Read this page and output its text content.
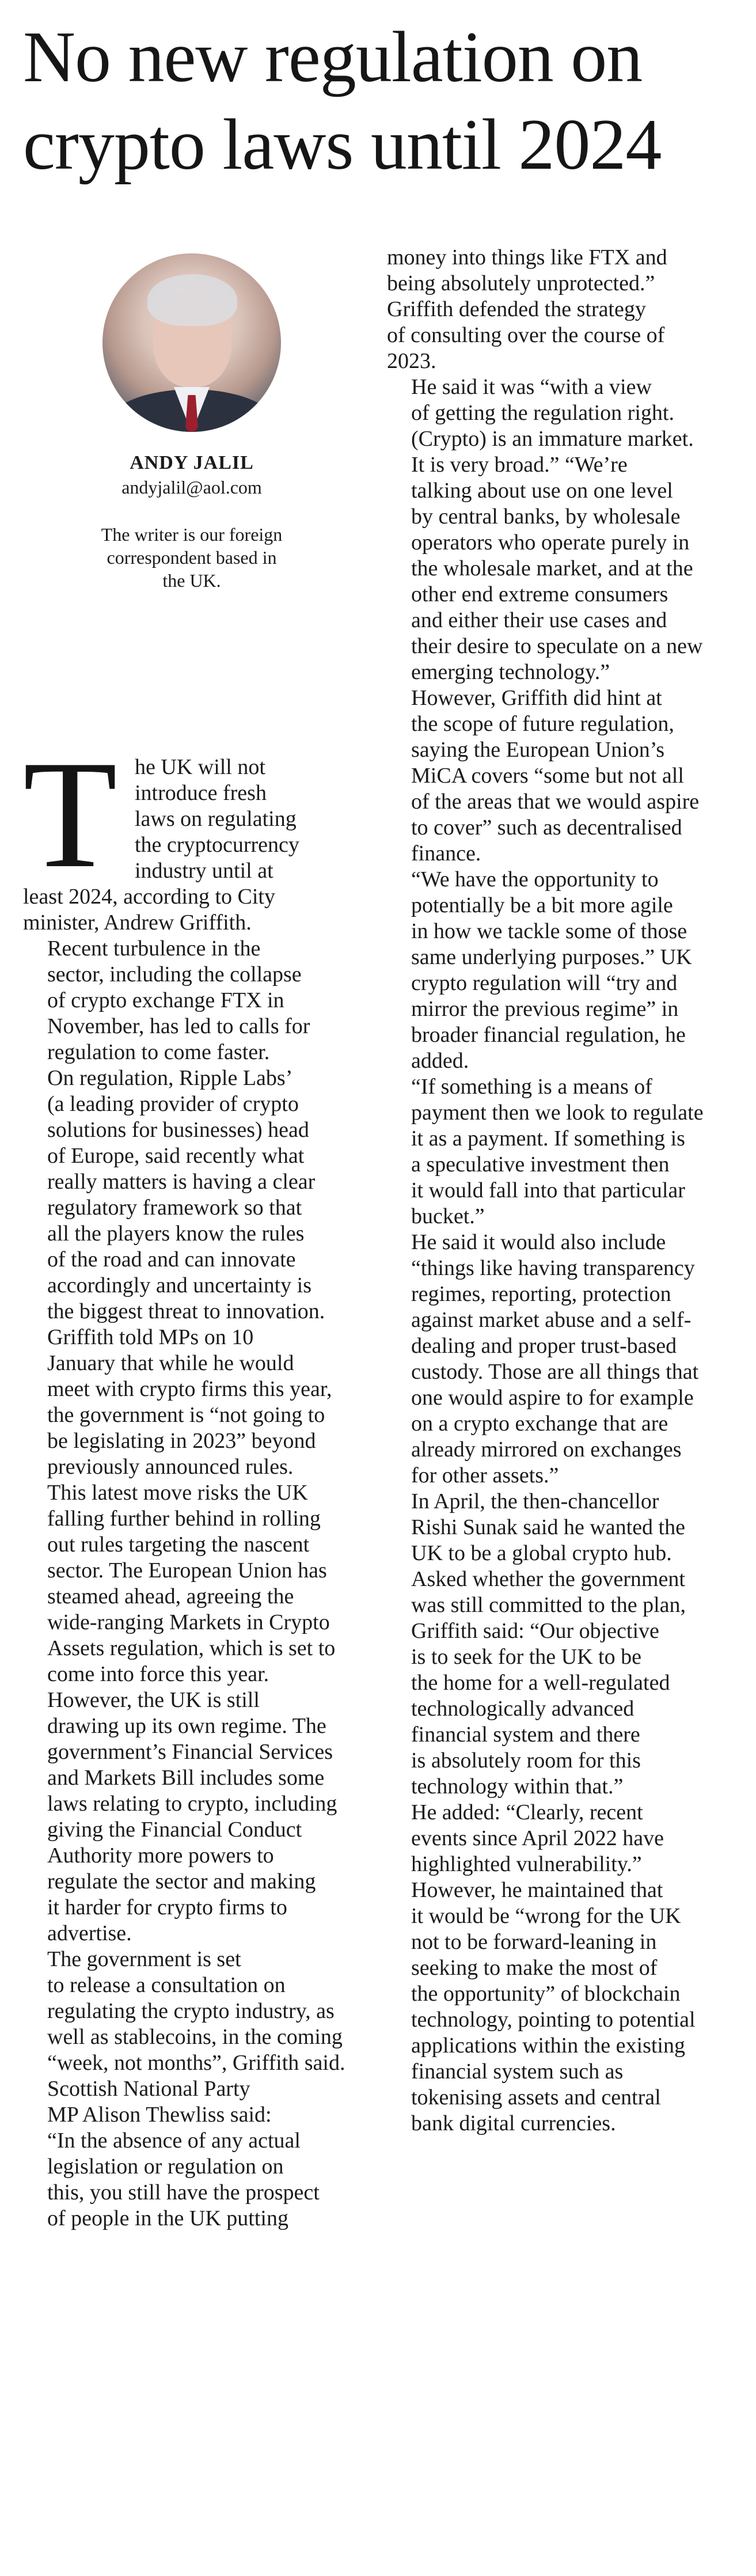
No new regulation on
crypto laws until 2024
ANDY JALIL
andyjalil@aol.com
The writer is our foreign
correspondent based in
the UK.
T he UK will not
introduce fresh
laws on regulating
the cryptocurrency
industry until at
least 2024, according to City
minister, Andrew Griffith.

Recent turbulence in the
sector, including the collapse
of crypto exchange FTX in
November, has led to calls for
regulation to come faster.

On regulation, Ripple Labs’
(a leading provider of crypto
solutions for businesses) head
of Europe, said recently what
really matters is having a clear
regulatory framework so that
all the players know the rules
of the road and can innovate
accordingly and uncertainty is
the biggest threat to innovation.

Griffith told MPs on 10
January that while he would
meet with crypto firms this year,
the government is “not going to
be legislating in 2023” beyond
previously announced rules.

This latest move risks the UK
falling further behind in rolling
out rules targeting the nascent
sector. The European Union has
steamed ahead, agreeing the
wide-ranging Markets in Crypto
Assets regulation, which is set to
come into force this year.

However, the UK is still
drawing up its own regime. The
government’s Financial Services
and Markets Bill includes some
laws relating to crypto, including
giving the Financial Conduct
Authority more powers to
regulate the sector and making
it harder for crypto firms to
advertise.

The government is set
to release a consultation on
regulating the crypto industry, as
well as stablecoins, in the coming
“week, not months”, Griffith said.

Scottish National Party
MP Alison Thewliss said:
“In the absence of any actual
legislation or regulation on
this, you still have the prospect
of people in the UK putting

money into things like FTX and
being absolutely unprotected.”
Griffith defended the strategy
of consulting over the course of
2023.

He said it was “with a view
of getting the regulation right.
(Crypto) is an immature market.

It is very broad.” “We’re
talking about use on one level
by central banks, by wholesale
operators who operate purely in
the wholesale market, and at the
other end extreme consumers
and either their use cases and
their desire to speculate on a new
emerging technology.”

However, Griffith did hint at
the scope of future regulation,
saying the European Union’s
MiCA covers “some but not all
of the areas that we would aspire
to cover” such as decentralised
finance.

“We have the opportunity to
potentially be a bit more agile
in how we tackle some of those
same underlying purposes.” UK
crypto regulation will “try and
mirror the previous regime” in
broader financial regulation, he
added.

“If something is a means of
payment then we look to regulate
it as a payment. If something is
a speculative investment then
it would fall into that particular
bucket.”

He said it would also include
“things like having transparency
regimes, reporting, protection
against market abuse and a self-
dealing and proper trust-based
custody. Those are all things that
one would aspire to for example
on a crypto exchange that are
already mirrored on exchanges
for other assets.”

In April, the then-chancellor
Rishi Sunak said he wanted the
UK to be a global crypto hub.
Asked whether the government
was still committed to the plan,
Griffith said: “Our objective
is to seek for the UK to be
the home for a well-regulated
technologically advanced
financial system and there
is absolutely room for this
technology within that.”

He added: “Clearly, recent
events since April 2022 have
highlighted vulnerability.”
However, he maintained that
it would be “wrong for the UK
not to be forward-leaning in
seeking to make the most of
the opportunity” of blockchain
technology, pointing to potential
applications within the existing
financial system such as
tokenising assets and central
bank digital currencies.
